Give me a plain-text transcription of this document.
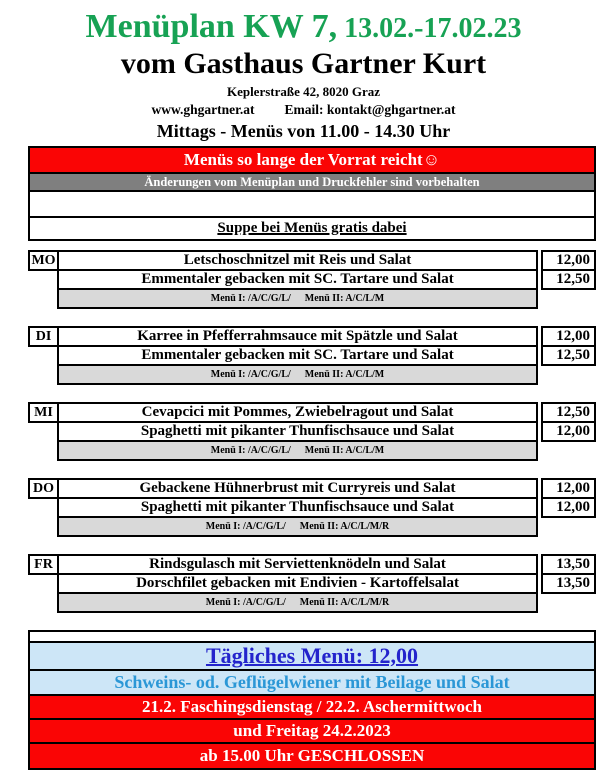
Menüplan KW 7, 13.02.-17.02.23
vom Gasthaus Gartner Kurt
Keplerstraße 42, 8020 Graz
www.ghgartner.at Email: kontakt@ghgartner.at
Mittags - Menüs von 11.00 - 14.30 Uhr
Menüs so lange der Vorrat reicht☺
Änderungen vom Menüplan und Druckfehler sind vorbehalten
Suppe bei Menüs gratis dabei
MO	Letschoschnitzel mit Reis und Salat	12,00
Emmentaler gebacken mit SC. Tartare und Salat	12,50
Menü I: /A/C/G/L/ Menü II: A/C/L/M
DI	Karree in Pfefferrahmsauce mit Spätzle und Salat	12,00
Emmentaler gebacken mit SC. Tartare und Salat	12,50
Menü I: /A/C/G/L/ Menü II: A/C/L/M
MI	Cevapcici mit Pommes, Zwiebelragout und Salat	12,50
Spaghetti mit pikanter Thunfischsauce und Salat	12,00
Menü I: /A/C/G/L/ Menü II: A/C/L/M
DO	Gebackene Hühnerbrust mit Curryreis und Salat	12,00
Spaghetti mit pikanter Thunfischsauce und Salat	12,00
Menü I: /A/C/G/L/ Menü II: A/C/L/M/R
FR	Rindsgulasch mit Serviettenknödeln und Salat	13,50
Dorschfilet gebacken mit Endivien - Kartoffelsalat	13,50
Menü I: /A/C/G/L/ Menü II: A/C/L/M/R
Tägliches Menü: 12,00
Schweins- od. Geflügelwiener mit Beilage und Salat
21.2. Faschingsdienstag / 22.2. Aschermittwoch
und Freitag 24.2.2023
ab 15.00 Uhr GESCHLOSSEN
